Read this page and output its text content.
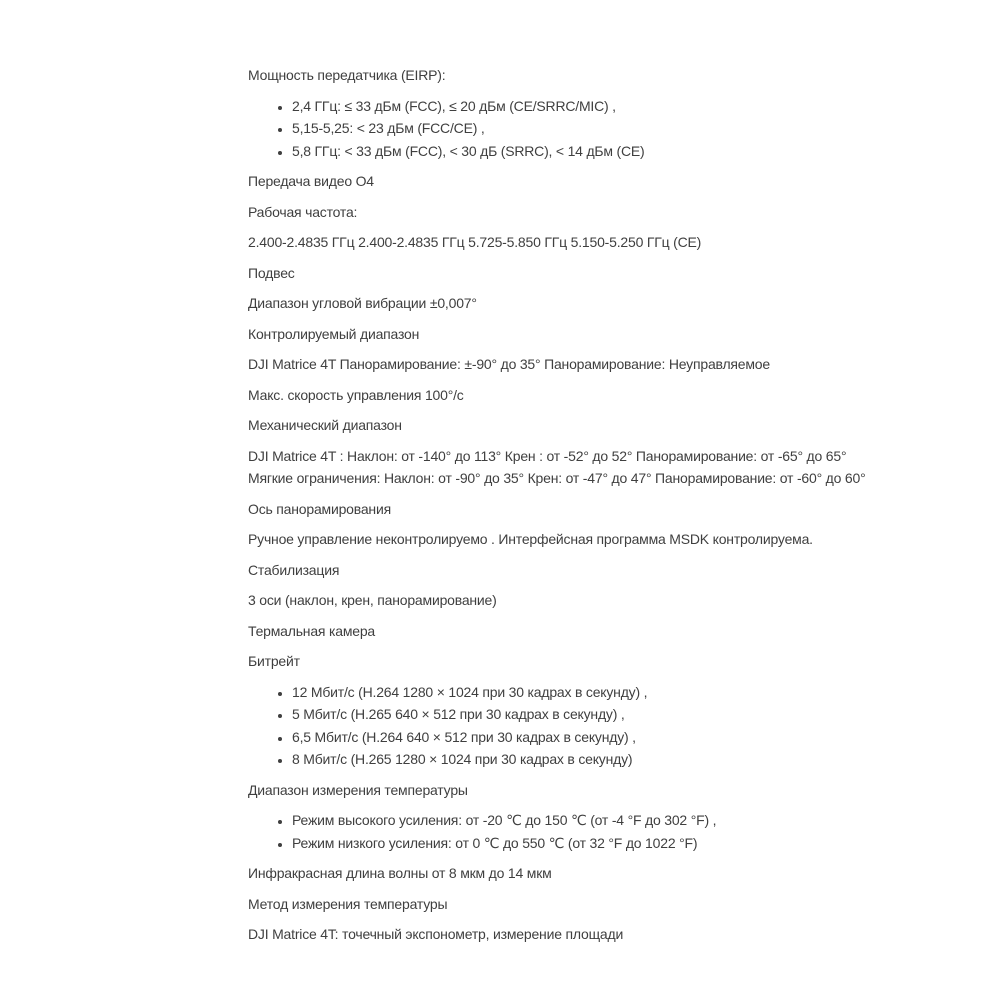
Мощность передатчика (EIRP):

• 2,4 ГГц: ≤ 33 дБм (FCC), ≤ 20 дБм (CE/SRRC/MIC) ,
• 5,15-5,25: < 23 дБм (FCC/CE) ,
• 5,8 ГГц: < 33 дБм (FCC), < 30 дБ (SRRC), < 14 дБм (CE)

Передача видео O4

Рабочая частота:

2.400-2.4835 ГГц 2.400-2.4835 ГГц 5.725-5.850 ГГц 5.150-5.250 ГГц (CE)

Подвес

Диапазон угловой вибрации ±0,007°

Контролируемый диапазон

DJI Matrice 4T Панорамирование: ±-90° до 35° Панорамирование: Неуправляемое

Макс. скорость управления 100°/с

Механический диапазон

DJI Matrice 4T : Наклон: от -140° до 113° Крен : от -52° до 52° Панорамирование: от -65° до 65°
Мягкие ограничения: Наклон: от -90° до 35° Крен: от -47° до 47° Панорамирование: от -60° до 60°

Ось панорамирования

Ручное управление неконтролируемо . Интерфейсная программа MSDK контролируема.

Стабилизация

3 оси (наклон, крен, панорамирование)

Термальная камера

Битрейт

• 12 Мбит/с (H.264 1280 × 1024 при 30 кадрах в секунду) ,
• 5 Мбит/с (H.265 640 × 512 при 30 кадрах в секунду) ,
• 6,5 Мбит/с (H.264 640 × 512 при 30 кадрах в секунду) ,
• 8 Мбит/с (H.265 1280 × 1024 при 30 кадрах в секунду)

Диапазон измерения температуры

• Режим высокого усиления: от -20 ℃ до 150 ℃ (от -4 °F до 302 °F) ,
• Режим низкого усиления: от 0 ℃ до 550 ℃ (от 32 °F до 1022 °F)

Инфракрасная длина волны от 8 мкм до 14 мкм

Метод измерения температуры

DJI Matrice 4T: точечный экспонометр, измерение площади
